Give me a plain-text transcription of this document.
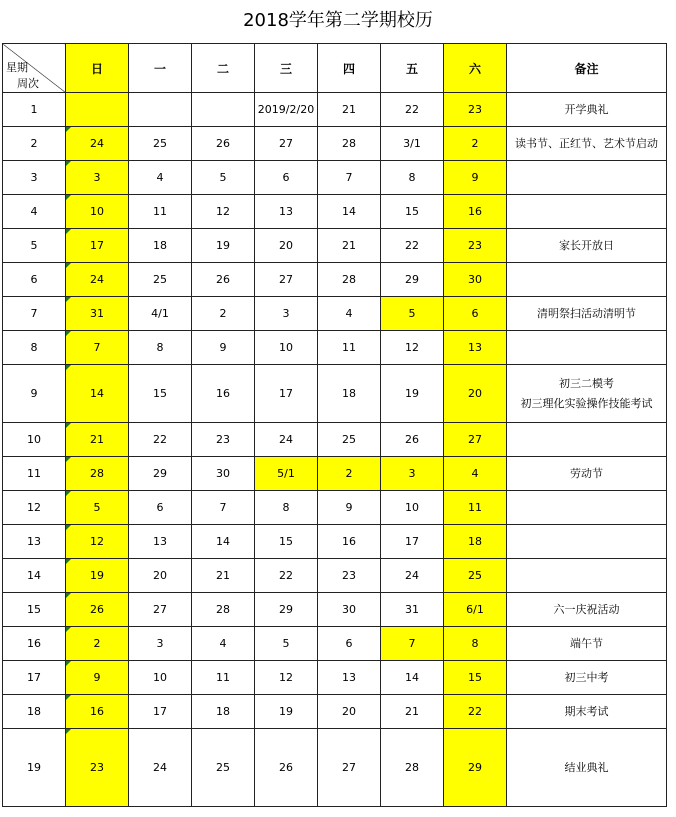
2018学年第二学期校历
星期
周次	日	一	二	三	四	五	六	备注
1				2019/2/20	21	22	23	开学典礼
2	24	25	26	27	28	3/1	2	读书节、正红节、艺术节启动
3	3	4	5	6	7	8	9	
4	10	11	12	13	14	15	16	
5	17	18	19	20	21	22	23	家长开放日
6	24	25	26	27	28	29	30	
7	31	4/1	2	3	4	5	6	清明祭扫活动清明节
8	7	8	9	10	11	12	13	
9	14	15	16	17	18	19	20	初三二模考
初三理化实验操作技能考试
10	21	22	23	24	25	26	27	
11	28	29	30	5/1	2	3	4	劳动节
12	5	6	7	8	9	10	11	
13	12	13	14	15	16	17	18	
14	19	20	21	22	23	24	25	
15	26	27	28	29	30	31	6/1	六一庆祝活动
16	2	3	4	5	6	7	8	端午节
17	9	10	11	12	13	14	15	初三中考
18	16	17	18	19	20	21	22	期末考试
19	23	24	25	26	27	28	29	结业典礼
